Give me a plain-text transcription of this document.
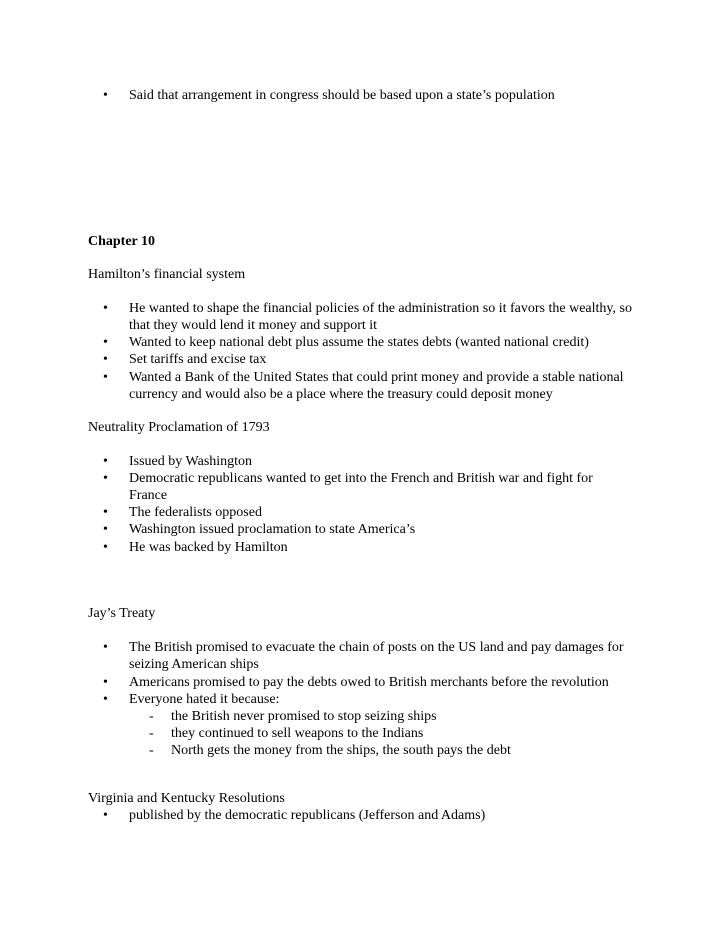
• Said that arrangement in congress should be based upon a state’s population
Chapter 10
Hamilton’s financial system
• He wanted to shape the financial policies of the administration so it favors the wealthy, so
that they would lend it money and support it
• Wanted to keep national debt plus assume the states debts (wanted national credit)
• Set tariffs and excise tax
• Wanted a Bank of the United States that could print money and provide a stable national
currency and would also be a place where the treasury could deposit money
Neutrality Proclamation of 1793
• Issued by Washington
• Democratic republicans wanted to get into the French and British war and fight for
France
• The federalists opposed
• Washington issued proclamation to state America’s
• He was backed by Hamilton
Jay’s Treaty
• The British promised to evacuate the chain of posts on the US land and pay damages for
seizing American ships
• Americans promised to pay the debts owed to British merchants before the revolution
• Everyone hated it because:
- the British never promised to stop seizing ships
- they continued to sell weapons to the Indians
- North gets the money from the ships, the south pays the debt
Virginia and Kentucky Resolutions
• published by the democratic republicans (Jefferson and Adams)
